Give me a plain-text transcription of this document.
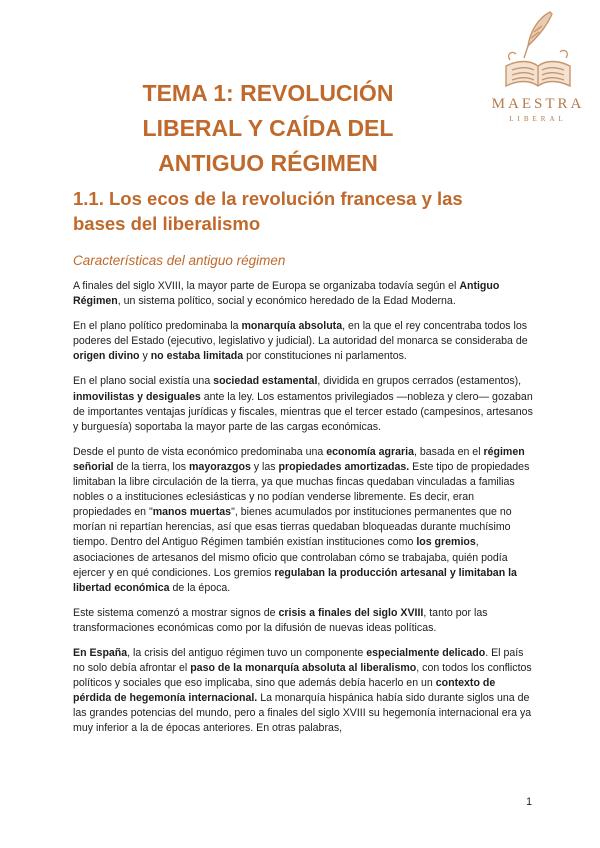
MAESTRA
LIBERAL
TEMA 1: REVOLUCIÓN
LIBERAL Y CAÍDA DEL
ANTIGUO RÉGIMEN
1.1. Los ecos de la revolución francesa y las
bases del liberalismo
Características del antiguo régimen

A finales del siglo XVIII, la mayor parte de Europa se organizaba todavía según el Antiguo Régimen, un sistema político, social y económico heredado de la Edad Moderna.

En el plano político predominaba la monarquía absoluta, en la que el rey concentraba todos los poderes del Estado (ejecutivo, legislativo y judicial). La autoridad del monarca se consideraba de origen divino y no estaba limitada por constituciones ni parlamentos.

En el plano social existía una sociedad estamental, dividida en grupos cerrados (estamentos), inmovilistas y desiguales ante la ley. Los estamentos privilegiados —nobleza y clero— gozaban de importantes ventajas jurídicas y fiscales, mientras que el tercer estado (campesinos, artesanos y burguesía) soportaba la mayor parte de las cargas económicas.

Desde el punto de vista económico predominaba una economía agraria, basada en el régimen señorial de la tierra, los mayorazgos y las propiedades amortizadas. Este tipo de propiedades limitaban la libre circulación de la tierra, ya que muchas fincas quedaban vinculadas a familias nobles o a instituciones eclesiásticas y no podían venderse libremente. Es decir, eran propiedades en "manos muertas", bienes acumulados por instituciones permanentes que no morían ni repartían herencias, así que esas tierras quedaban bloqueadas durante muchísimo tiempo. Dentro del Antiguo Régimen también existían instituciones como los gremios, asociaciones de artesanos del mismo oficio que controlaban cómo se trabajaba, quién podía ejercer y en qué condiciones. Los gremios regulaban la producción artesanal y limitaban la libertad económica de la época.

Este sistema comenzó a mostrar signos de crisis a finales del siglo XVIII, tanto por las transformaciones económicas como por la difusión de nuevas ideas políticas.

En España, la crisis del antiguo régimen tuvo un componente especialmente delicado. El país no solo debía afrontar el paso de la monarquía absoluta al liberalismo, con todos los conflictos políticos y sociales que eso implicaba, sino que además debía hacerlo en un contexto de pérdida de hegemonía internacional. La monarquía hispánica había sido durante siglos una de las grandes potencias del mundo, pero a finales del siglo XVIII su hegemonía internacional era ya muy inferior a la de épocas anteriores. En otras palabras,

1
